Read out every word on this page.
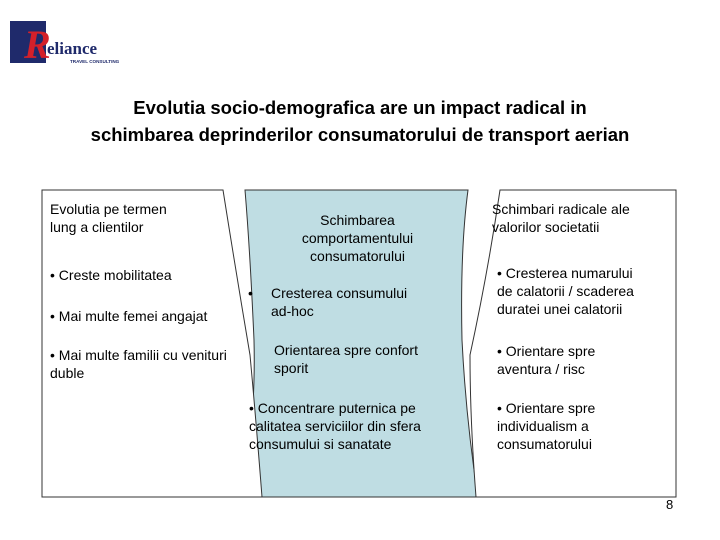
R
eliance
TRAVEL CONSULTING
Evolutia socio-demografica are un impact radical in
schimbarea deprinderilor consumatorului de transport aerian
Evolutia pe termen
lung a clientilor
• Creste mobilitatea
• Mai multe femei angajat
• Mai multe familii cu venituri
duble
Schimbarea
comportamentului
consumatorului
• Cresterea consumului
ad-hoc
Orientarea spre confort
sporit
• Concentrare puternica pe
calitatea serviciilor din sfera
consumului si sanatate
Schimbari radicale ale
valorilor societatii
• Cresterea numarului
de calatorii / scaderea
duratei unei calatorii
• Orientare spre
aventura / risc
• Orientare spre
individualism a
consumatorului
8
